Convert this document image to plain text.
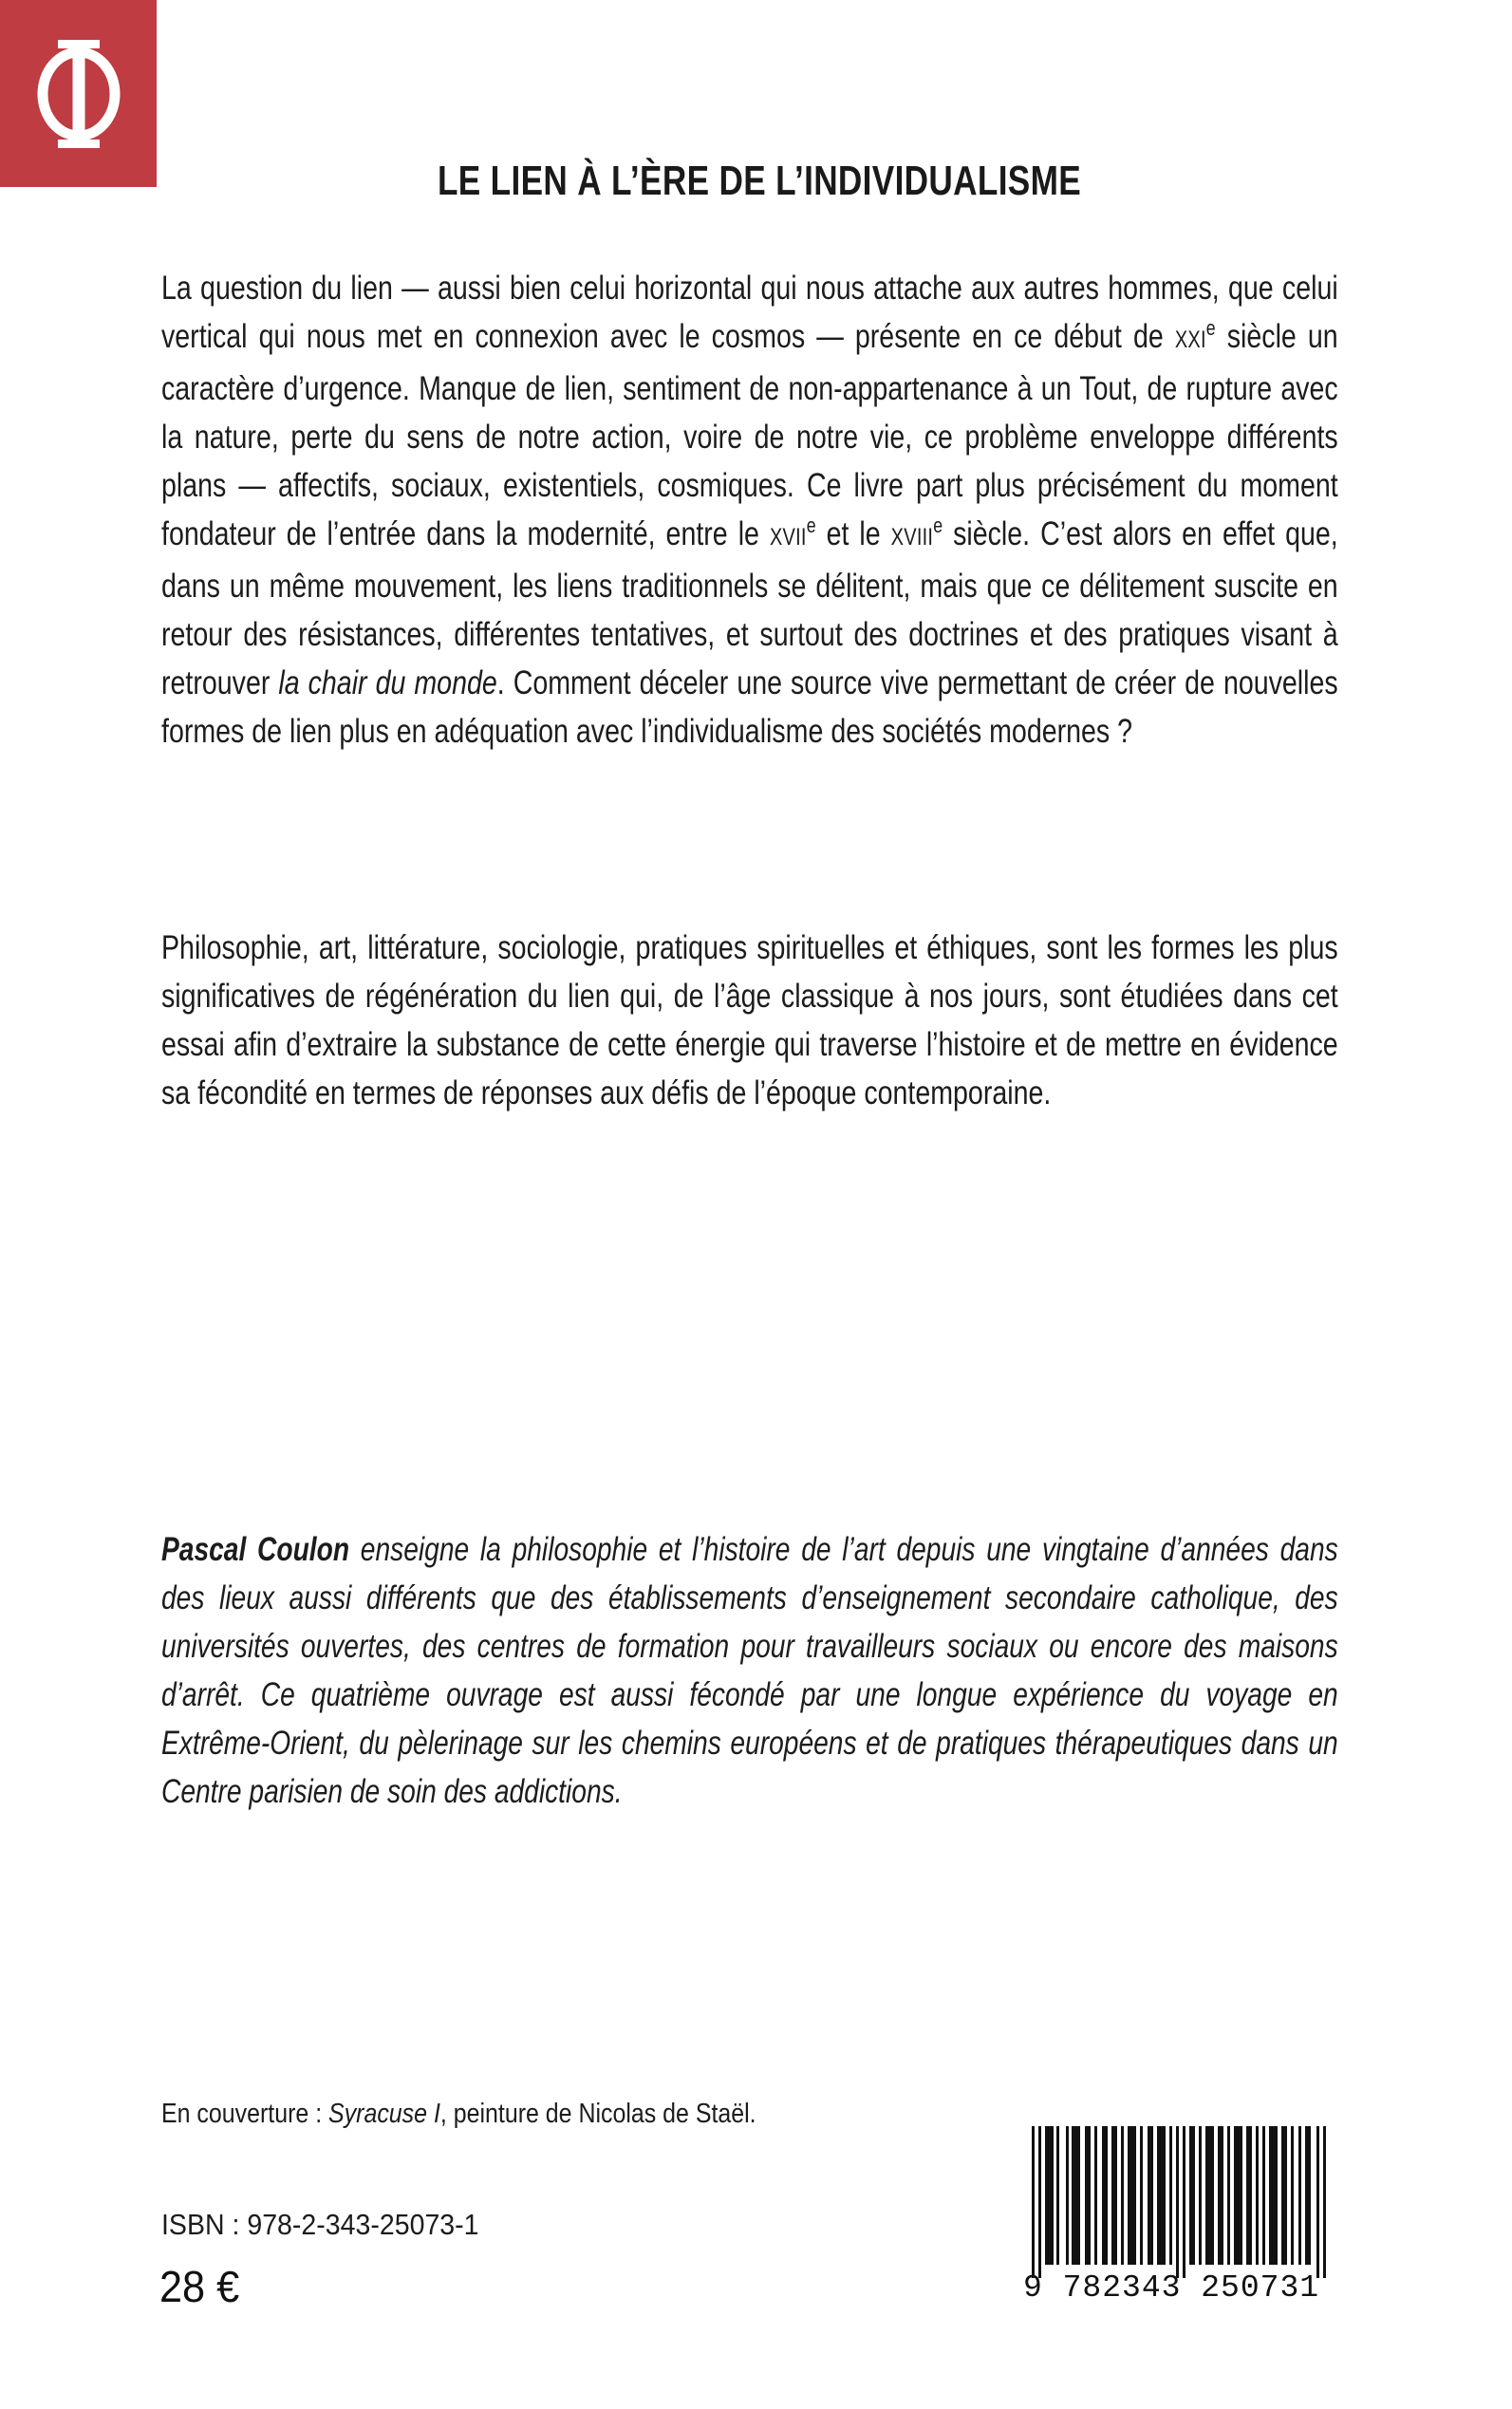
LE LIEN À L’ÈRE DE L’INDIVIDUALISME

La question du lien — aussi bien celui horizontal qui nous attache aux autres hommes, que celui vertical qui nous met en connexion avec le cosmos — présente en ce début de XXIe siècle un caractère d’urgence. Manque de lien, sentiment de non-appartenance à un Tout, de rupture avec la nature, perte du sens de notre action, voire de notre vie, ce problème enveloppe différents plans — affectifs, sociaux, existentiels, cosmiques. Ce livre part plus précisément du moment fondateur de l’entrée dans la modernité, entre le XVIIe et le XVIIIe siècle. C’est alors en effet que, dans un même mouvement, les liens traditionnels se délitent, mais que ce délitement suscite en retour des résistances, différentes tentatives, et surtout des doctrines et des pratiques visant à retrouver la chair du monde. Comment déceler une source vive permettant de créer de nouvelles formes de lien plus en adéquation avec l’individualisme des sociétés modernes ?

Philosophie, art, littérature, sociologie, pratiques spirituelles et éthiques, sont les formes les plus significatives de régénération du lien qui, de l’âge classique à nos jours, sont étudiées dans cet essai afin d’extraire la substance de cette énergie qui traverse l’histoire et de mettre en évidence sa fécondité en termes de réponses aux défis de l’époque contemporaine.

Pascal Coulon enseigne la philosophie et l’histoire de l’art depuis une vingtaine d’années dans des lieux aussi différents que des établissements d’enseignement secondaire catholique, des universités ouvertes, des centres de formation pour travailleurs sociaux ou encore des maisons d’arrêt. Ce quatrième ouvrage est aussi fécondé par une longue expérience du voyage en Extrême-Orient, du pèlerinage sur les chemins européens et de pratiques thérapeutiques dans un Centre parisien de soin des addictions.

En couverture : Syracuse I, peinture de Nicolas de Staël.
ISBN : 978-2-343-25073-1
28 €	9 782343 250731
